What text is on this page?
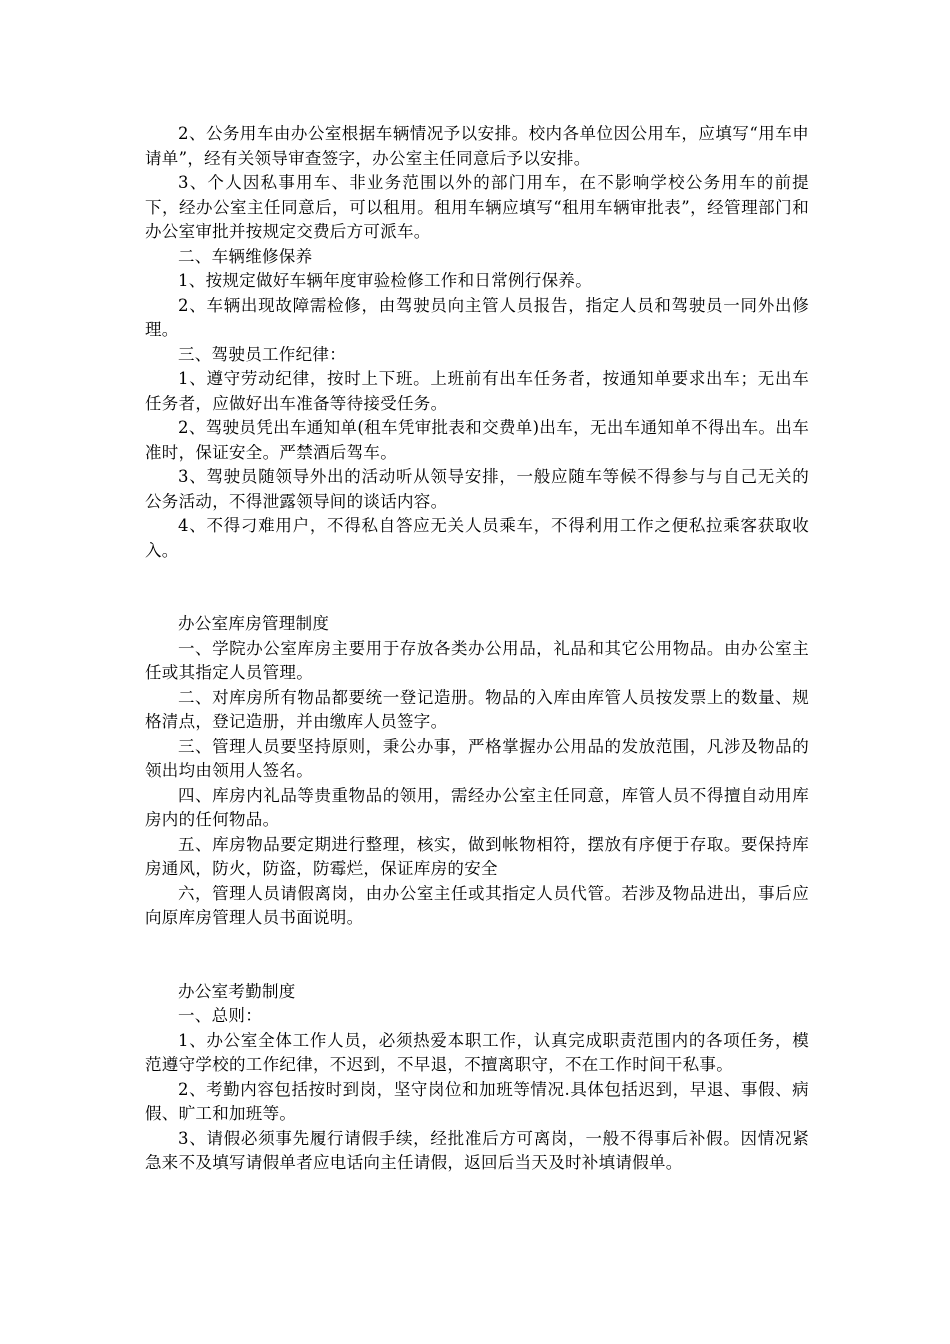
2、公务用车由办公室根据车辆情况予以安排。校内各单位因公用车，应填写“用车申请单”，经有关领导审查签字，办公室主任同意后予以安排。

3、个人因私事用车、非业务范围以外的部门用车，在不影响学校公务用车的前提下，经办公室主任同意后，可以租用。租用车辆应填写“租用车辆审批表”，经管理部门和办公室审批并按规定交费后方可派车。

二、车辆维修保养

1、按规定做好车辆年度审验检修工作和日常例行保养。

2、车辆出现故障需检修，由驾驶员向主管人员报告，指定人员和驾驶员一同外出修理。

三、驾驶员工作纪律：

1、遵守劳动纪律，按时上下班。上班前有出车任务者，按通知单要求出车；无出车任务者，应做好出车准备等待接受任务。

2、驾驶员凭出车通知单(租车凭审批表和交费单)出车，无出车通知单不得出车。出车准时，保证安全。严禁酒后驾车。

3、驾驶员随领导外出的活动听从领导安排，一般应随车等候不得参与与自己无关的公务活动，不得泄露领导间的谈话内容。

4、不得刁难用户，不得私自答应无关人员乘车，不得利用工作之便私拉乘客获取收入。

办公室库房管理制度

一、学院办公室库房主要用于存放各类办公用品，礼品和其它公用物品。由办公室主任或其指定人员管理。

二、对库房所有物品都要统一登记造册。物品的入库由库管人员按发票上的数量、规格清点，登记造册，并由缴库人员签字。

三、管理人员要坚持原则，秉公办事，严格掌握办公用品的发放范围，凡涉及物品的领出均由领用人签名。

四、库房内礼品等贵重物品的领用，需经办公室主任同意，库管人员不得擅自动用库房内的任何物品。

五、库房物品要定期进行整理，核实，做到帐物相符，摆放有序便于存取。要保持库房通风，防火，防盗，防霉烂，保证库房的安全

六，管理人员请假离岗，由办公室主任或其指定人员代管。若涉及物品进出，事后应向原库房管理人员书面说明。

办公室考勤制度

一、总则：

1、办公室全体工作人员，必须热爱本职工作，认真完成职责范围内的各项任务，模范遵守学校的工作纪律，不迟到，不早退，不擅离职守，不在工作时间干私事。

2、考勤内容包括按时到岗，坚守岗位和加班等情况.具体包括迟到，早退、事假、病假、旷工和加班等。

3、请假必须事先履行请假手续，经批准后方可离岗，一般不得事后补假。因情况紧急来不及填写请假单者应电话向主任请假，返回后当天及时补填请假单。
